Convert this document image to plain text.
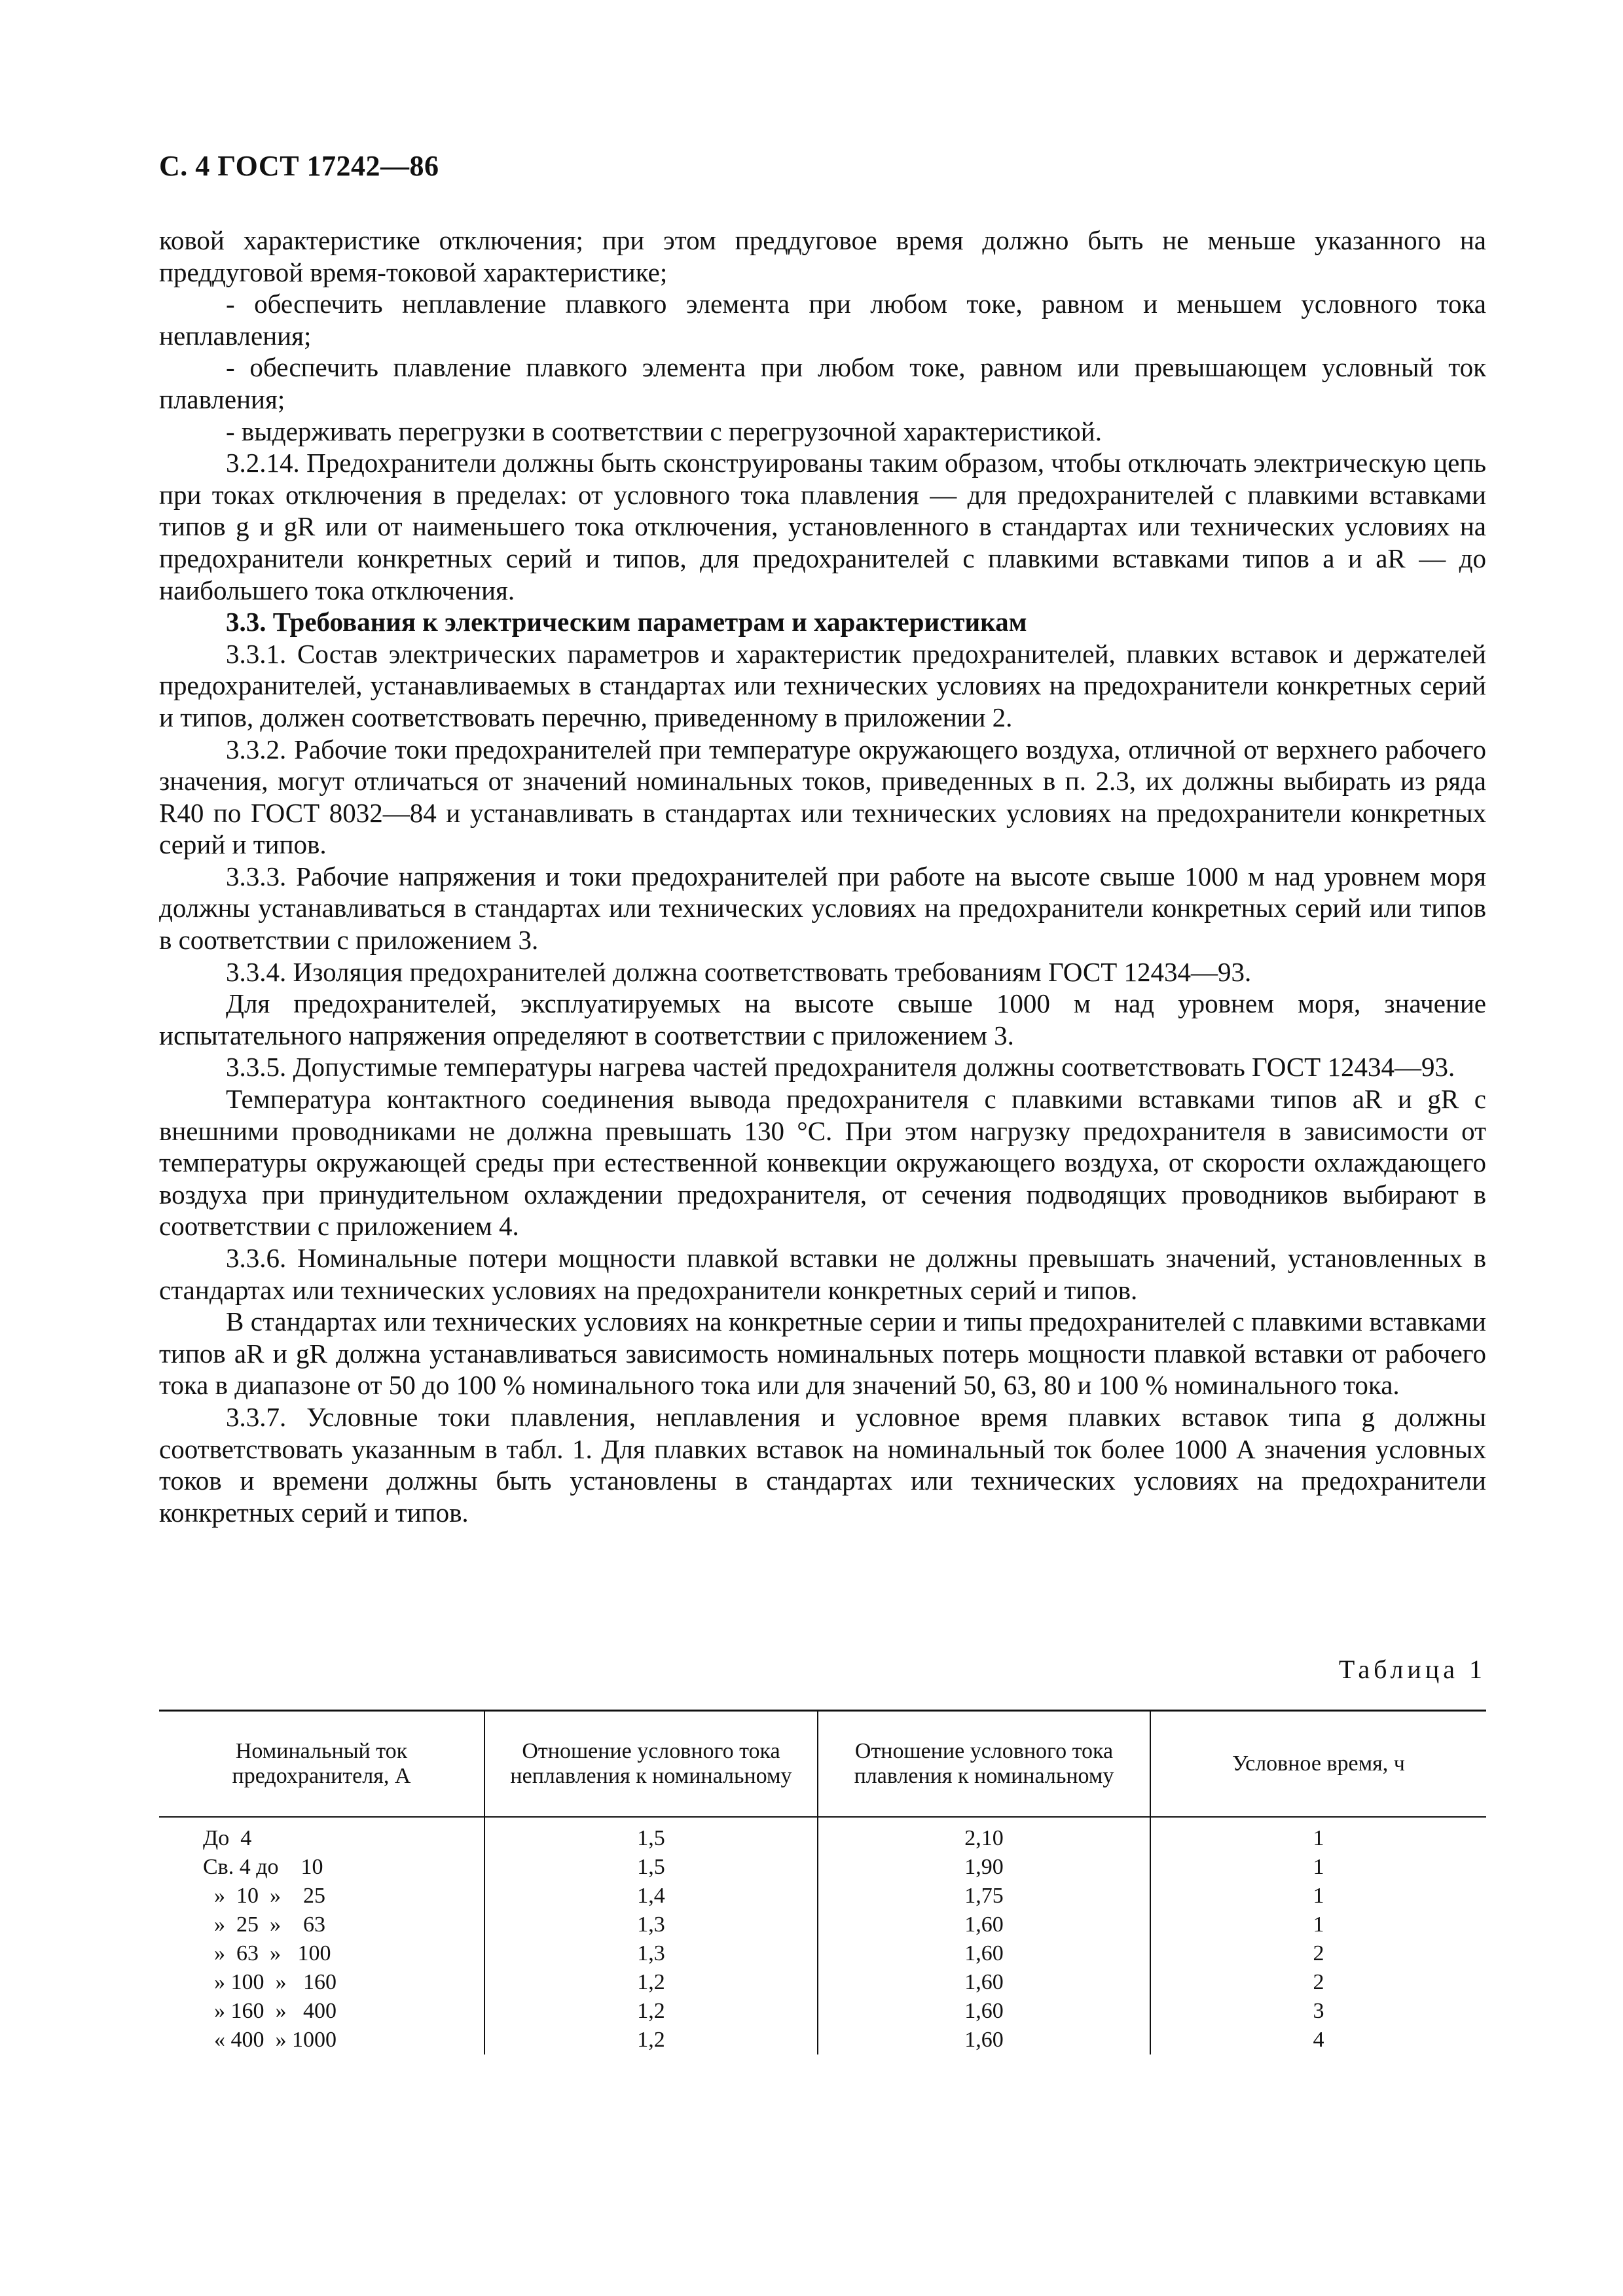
С. 4 ГОСТ 17242—86

ковой характеристике отключения; при этом преддуговое время должно быть не меньше указанного на преддуговой время-токовой характеристике;

- обеспечить неплавление плавкого элемента при любом токе, равном и меньшем условного тока неплавления;

- обеспечить плавление плавкого элемента при любом токе, равном или превышающем условный ток плавления;

- выдерживать перегрузки в соответствии с перегрузочной характеристикой.

3.2.14. Предохранители должны быть сконструированы таким образом, чтобы отключать электрическую цепь при токах отключения в пределах: от условного тока плавления — для предохранителей с плавкими вставками типов g и gR или от наименьшего тока отключения, установленного в стандартах или технических условиях на предохранители конкретных серий и типов, для предохранителей с плавкими вставками типов a и aR — до наибольшего тока отключения.

3.3. Требования к электрическим параметрам и характеристикам

3.3.1. Состав электрических параметров и характеристик предохранителей, плавких вставок и держателей предохранителей, устанавливаемых в стандартах или технических условиях на предохранители конкретных серий и типов, должен соответствовать перечню, приведенному в приложении 2.

3.3.2. Рабочие токи предохранителей при температуре окружающего воздуха, отличной от верхнего рабочего значения, могут отличаться от значений номинальных токов, приведенных в п. 2.3, их должны выбирать из ряда R40 по ГОСТ 8032—84 и устанавливать в стандартах или технических условиях на предохранители конкретных серий и типов.

3.3.3. Рабочие напряжения и токи предохранителей при работе на высоте свыше 1000 м над уровнем моря должны устанавливаться в стандартах или технических условиях на предохранители конкретных серий или типов в соответствии с приложением 3.

3.3.4. Изоляция предохранителей должна соответствовать требованиям ГОСТ 12434—93.

Для предохранителей, эксплуатируемых на высоте свыше 1000 м над уровнем моря, значение испытательного напряжения определяют в соответствии с приложением 3.

3.3.5. Допустимые температуры нагрева частей предохранителя должны соответствовать ГОСТ 12434—93.

Температура контактного соединения вывода предохранителя с плавкими вставками типов aR и gR с внешними проводниками не должна превышать 130 °С. При этом нагрузку предохранителя в зависимости от температуры окружающей среды при естественной конвекции окружающего воздуха, от скорости охлаждающего воздуха при принудительном охлаждении предохранителя, от сечения подводящих проводников выбирают в соответствии с приложением 4.

3.3.6. Номинальные потери мощности плавкой вставки не должны превышать значений, установленных в стандартах или технических условиях на предохранители конкретных серий и типов.

В стандартах или технических условиях на конкретные серии и типы предохранителей с плавкими вставками типов aR и gR должна устанавливаться зависимость номинальных потерь мощности плавкой вставки от рабочего тока в диапазоне от 50 до 100 % номинального тока или для значений 50, 63, 80 и 100 % номинального тока.

3.3.7. Условные токи плавления, неплавления и условное время плавких вставок типа g должны соответствовать указанным в табл. 1. Для плавких вставок на номинальный ток более 1000 А значения условных токов и времени должны быть установлены в стандартах или технических условиях на предохранители конкретных серий и типов.

Таблица 1
Номинальный ток предохранителя, А	Отношение условного тока неплавления к номинальному	Отношение условного тока плавления к номинальному	Условное время, ч
До  4	1,5	2,10	1
Св. 4 до    10	1,5	1,90	1
»  10  »    25	1,4	1,75	1
»  25  »    63	1,3	1,60	1
»  63  »   100	1,3	1,60	2
» 100  »   160	1,2	1,60	2
» 160  »   400	1,2	1,60	3
« 400  » 1000	1,2	1,60	4
